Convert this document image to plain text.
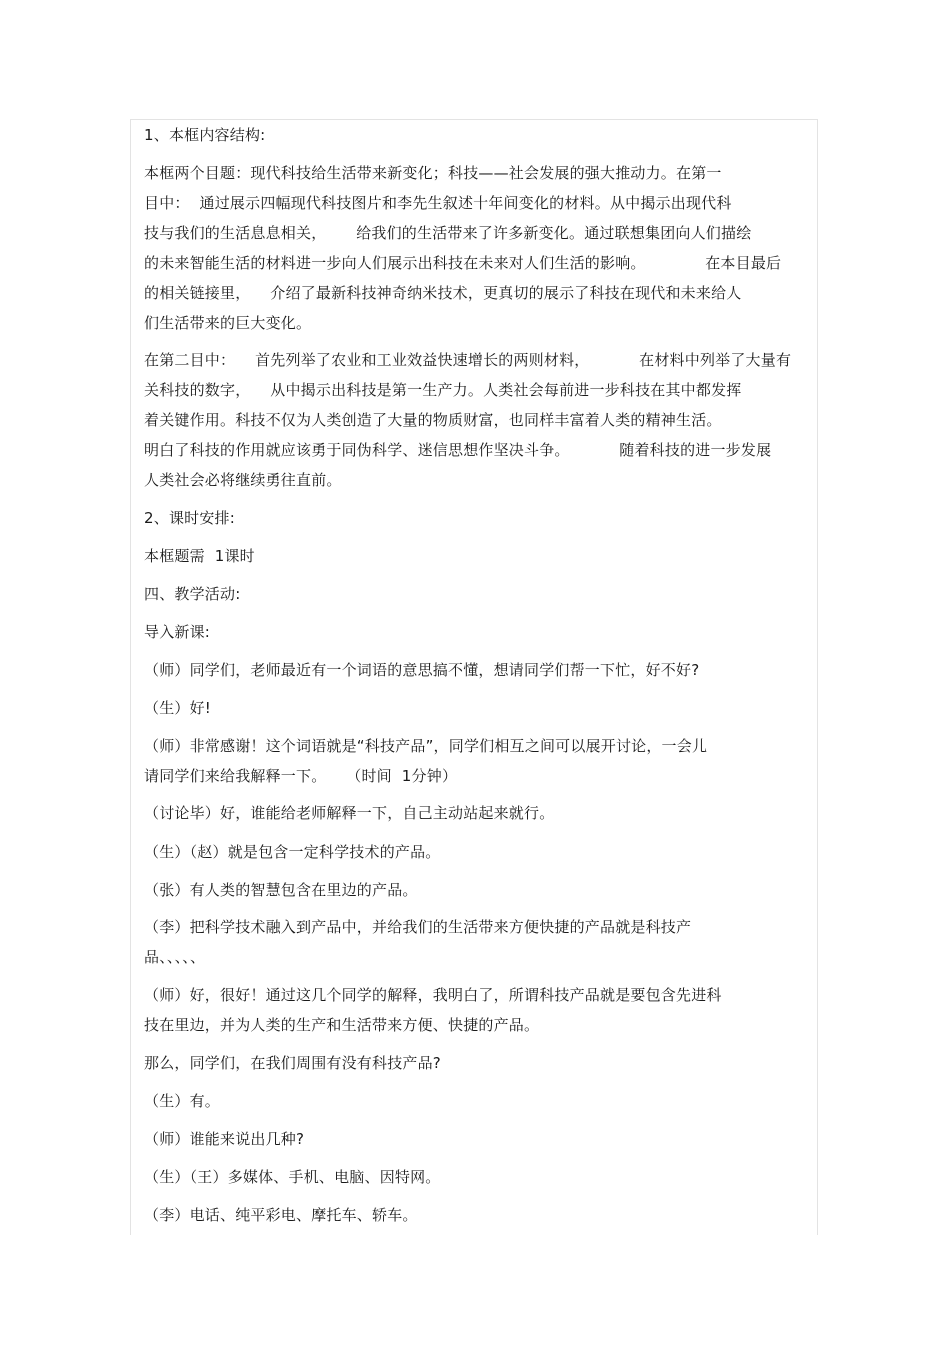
1、本框内容结构:
本框两个目题：现代科技给生活带来新变化；科技——社会发展的强大推动力。在第一
目中：  通过展示四幅现代科技图片和李先生叙述十年间变化的材料。从中揭示出现代科
技与我们的生活息息相关，      给我们的生活带来了许多新变化。通过联想集团向人们描绘
的未来智能生活的材料进一步向人们展示出科技在未来对人们生活的影响。            在本目最后
的相关链接里，    介绍了最新科技神奇纳米技术，更真切的展示了科技在现代和未来给人
们生活带来的巨大变化。
在第二目中：    首先列举了农业和工业效益快速增长的两则材料，          在材料中列举了大量有
关科技的数字，    从中揭示出科技是第一生产力。人类社会每前进一步科技在其中都发挥
着关键作用。科技不仅为人类创造了大量的物质财富，也同样丰富着人类的精神生活。
明白了科技的作用就应该勇于同伪科学、迷信思想作坚决斗争。          随着科技的进一步发展
人类社会必将继续勇往直前。
2、课时安排:
本框题需  1课时
四、教学活动:
导入新课:
（师）同学们，老师最近有一个词语的意思搞不懂，想请同学们帮一下忙，好不好?
（生）好!
（师）非常感谢！这个词语就是“科技产品”，同学们相互之间可以展开讨论，一会儿
请同学们来给我解释一下。    （时间  1分钟）
（讨论毕）好，谁能给老师解释一下，自己主动站起来就行。
（生）（赵）就是包含一定科学技术的产品。
（张）有人类的智慧包含在里边的产品。
（李）把科学技术融入到产品中，并给我们的生活带来方便快捷的产品就是科技产
品、、、、、
（师）好，很好！通过这几个同学的解释，我明白了，所谓科技产品就是要包含先进科
技在里边，并为人类的生产和生活带来方便、快捷的产品。
那么，同学们，在我们周围有没有科技产品?
（生）有。
（师）谁能来说出几种?
（生）（王）多媒体、手机、电脑、因特网。
（李）电话、纯平彩电、摩托车、轿车。
